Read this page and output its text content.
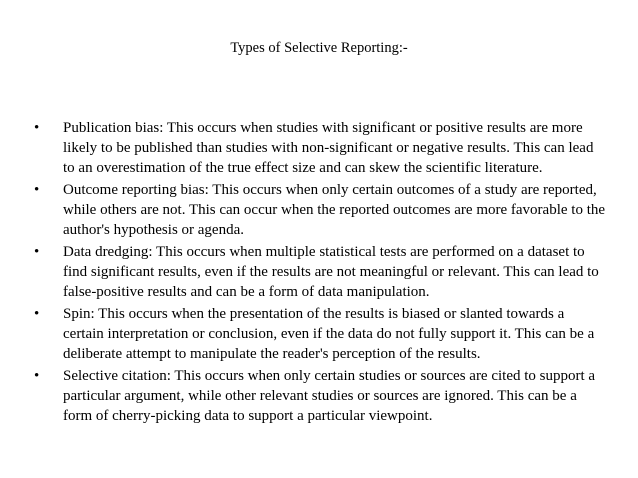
Types of Selective Reporting:-
• Publication bias: This occurs when studies with significant or positive results are more likely to be published than studies with non-significant or negative results. This can lead to an overestimation of the true effect size and can skew the scientific literature.
• Outcome reporting bias: This occurs when only certain outcomes of a study are reported, while others are not. This can occur when the reported outcomes are more favorable to the author's hypothesis or agenda.
• Data dredging: This occurs when multiple statistical tests are performed on a dataset to find significant results, even if the results are not meaningful or relevant. This can lead to false-positive results and can be a form of data manipulation.
• Spin: This occurs when the presentation of the results is biased or slanted towards a certain interpretation or conclusion, even if the data do not fully support it. This can be a deliberate attempt to manipulate the reader's perception of the results.
• Selective citation: This occurs when only certain studies or sources are cited to support a particular argument, while other relevant studies or sources are ignored. This can be a form of cherry-picking data to support a particular viewpoint.
